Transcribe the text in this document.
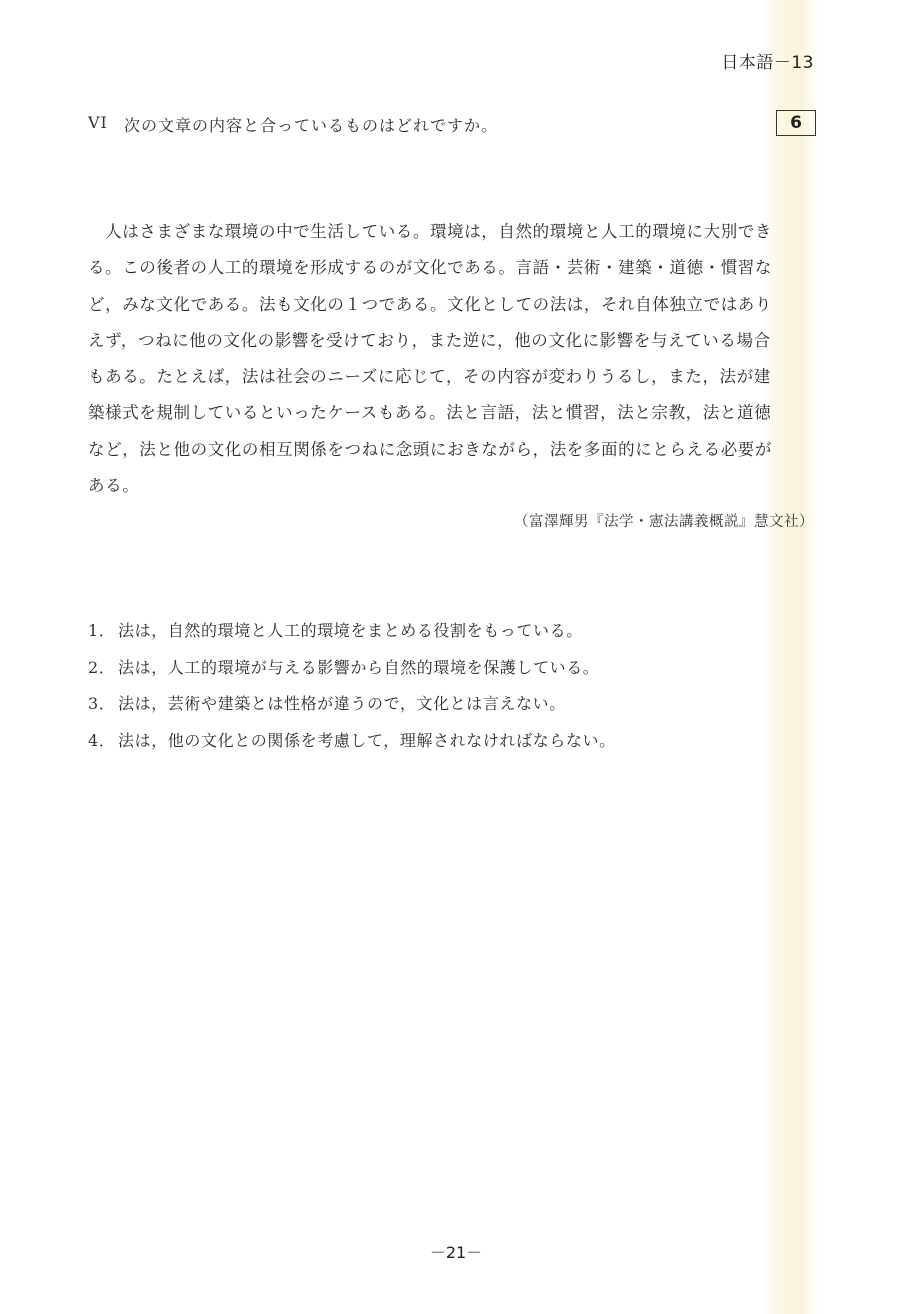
日本語－13
VI 次の文章の内容と合っているものはどれですか。	6
　人はさまざまな環境の中で生活している。環境は，自然的環境と人工的環境に大別でき
る。この後者の人工的環境を形成するのが文化である。言語・芸術・建築・道徳・慣習な
ど，みな文化である。法も文化の１つである。文化としての法は，それ自体独立ではあり
えず，つねに他の文化の影響を受けており，また逆に，他の文化に影響を与えている場合
もある。たとえば，法は社会のニーズに応じて，その内容が変わりうるし，また，法が建
築様式を規制しているといったケースもある。法と言語，法と慣習，法と宗教，法と道徳
など，法と他の文化の相互関係をつねに念頭におきながら，法を多面的にとらえる必要が
ある。
（富澤輝男『法学・憲法講義概説』慧文社）
1． 法は，自然的環境と人工的環境をまとめる役割をもっている。
2． 法は，人工的環境が与える影響から自然的環境を保護している。
3． 法は，芸術や建築とは性格が違うので，文化とは言えない。
4． 法は，他の文化との関係を考慮して，理解されなければならない。
－21－
